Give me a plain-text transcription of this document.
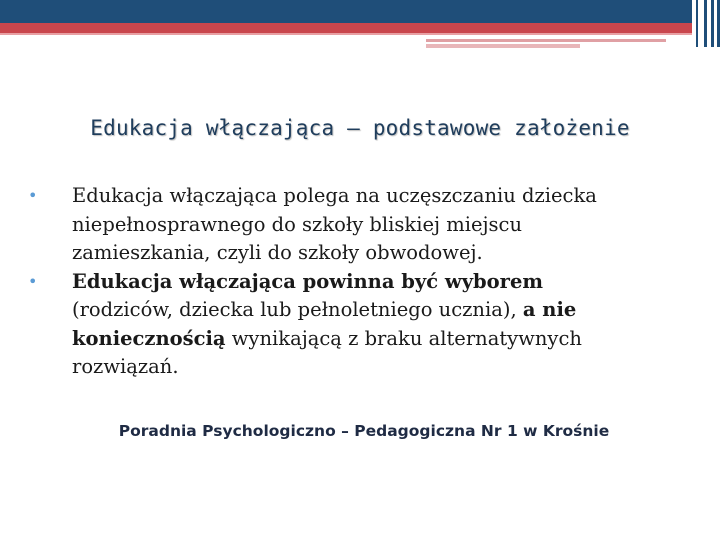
Edukacja włączająca – podstawowe założenie
• Edukacja włączająca polega na uczęszczaniu dziecka niepełnosprawnego do szkoły bliskiej miejscu zamieszkania, czyli do szkoły obwodowej.
• Edukacja włączająca powinna być wyborem (rodziców, dziecka lub pełnoletniego ucznia), a nie koniecznością wynikającą z braku alternatywnych rozwiązań.
Poradnia Psychologiczno – Pedagogiczna Nr 1 w Krośnie
